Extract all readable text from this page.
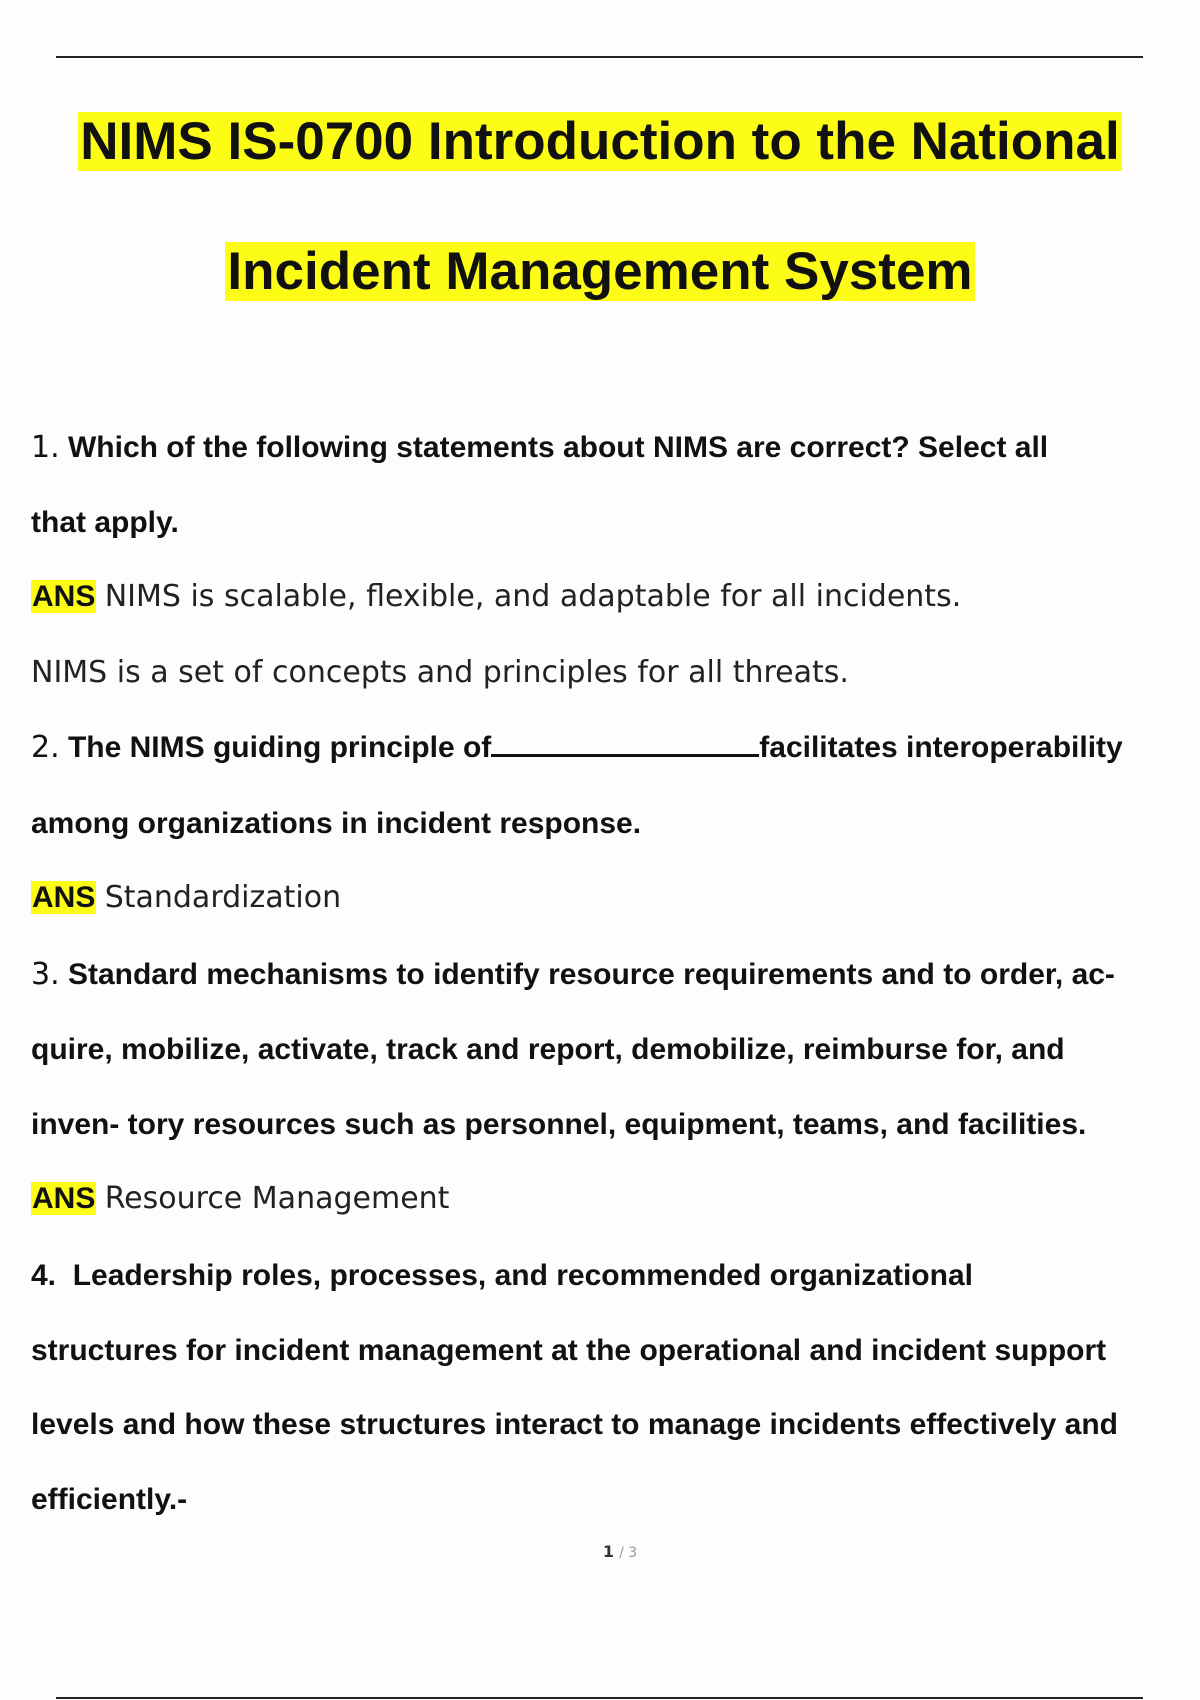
NIMS IS-0700 Introduction to the National
Incident Management System
1. Which of the following statements about NIMS are correct? Select all
that apply.
ANS NIMS is scalable, flexible, and adaptable for all incidents.
NIMS is a set of concepts and principles for all threats.
2. The NIMS guiding principle of	facilitates interoperability
among organizations in incident response.
ANS Standardization
3. Standard mechanisms to identify resource requirements and to order, ac-
quire, mobilize, activate, track and report, demobilize, reimburse for, and
inven- tory resources such as personnel, equipment, teams, and facilities.
ANS Resource Management
4. Leadership roles, processes, and recommended organizational
structures for incident management at the operational and incident support
levels and how these structures interact to manage incidents effectively and
efficiently.-
1 / 3
